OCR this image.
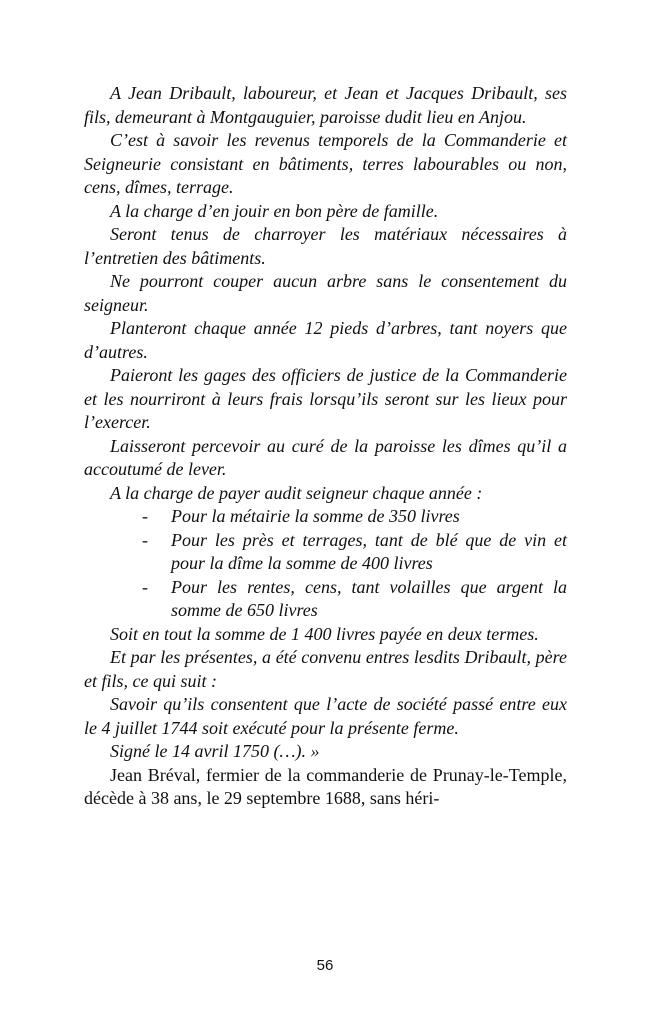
A Jean Dribault, laboureur, et Jean et Jacques Dribault, ses fils, demeurant à Montgauguier, paroisse dudit lieu en Anjou.

C’est à savoir les revenus temporels de la Commanderie et Seigneurie consistant en bâtiments, terres labourables ou non, cens, dîmes, terrage.

A la charge d’en jouir en bon père de famille.

Seront tenus de charroyer les matériaux nécessaires à l’entretien des bâtiments.

Ne pourront couper aucun arbre sans le consentement du seigneur.

Planteront chaque année 12 pieds d’arbres, tant noyers que d’autres.

Paieront les gages des officiers de justice de la Commanderie et les nourriront à leurs frais lorsqu’ils seront sur les lieux pour l’exercer.

Laisseront percevoir au curé de la paroisse les dîmes qu’il a accoutumé de lever.

A la charge de payer audit seigneur chaque année :

- Pour la métairie la somme de 350 livres

- Pour les près et terrages, tant de blé que de vin et pour la dîme la somme de 400 livres

- Pour les rentes, cens, tant volailles que argent la somme de 650 livres

Soit en tout la somme de 1 400 livres payée en deux termes.

Et par les présentes, a été convenu entres lesdits Dribault, père et fils, ce qui suit :

Savoir qu’ils consentent que l’acte de société passé entre eux le 4 juillet 1744 soit exécuté pour la présente ferme.

Signé le 14 avril 1750 (…). »

Jean Bréval, fermier de la commanderie de Prunay-le-Temple, décède à 38 ans, le 29 septembre 1688, sans héri-

56
